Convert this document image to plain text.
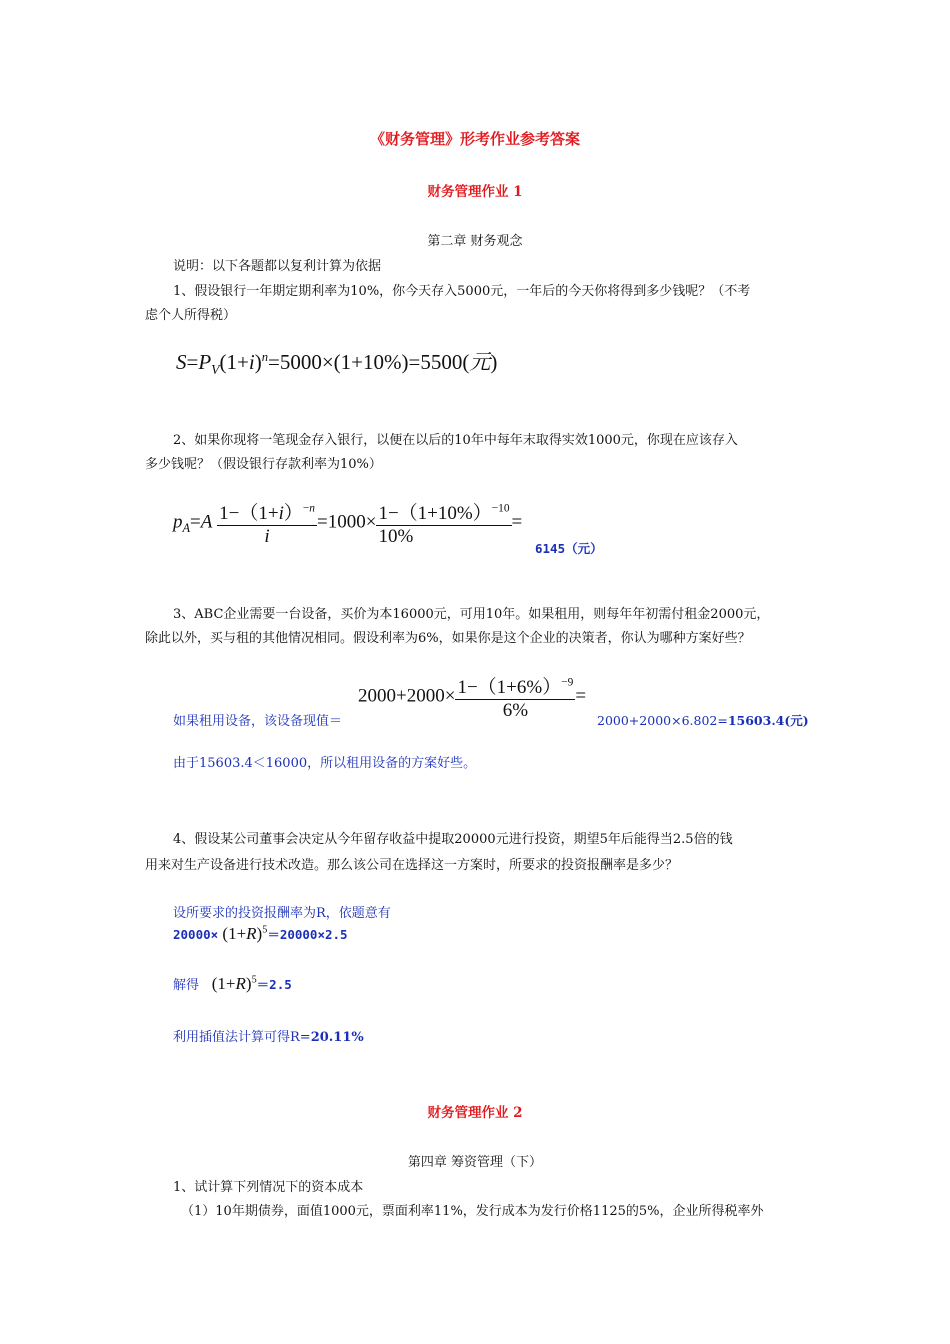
《财务管理》形考作业参考答案
财务管理作业 1
第二章 财务观念
说明：以下各题都以复利计算为依据
1、假设银行一年期定期利率为10%，你今天存入5000元，一年后的今天你将得到多少钱呢？（不考
虑个人所得税）
$S=P_V(1+i)^n=5000\times(1+10\%)=5500$(元)
2、如果你现将一笔现金存入银行，以便在以后的10年中每年末取得实效1000元，你现在应该存入
多少钱呢？（假设银行存款利率为10%）
$p_A=A \frac{1-(1+i)^{-n}}{i} =1000\times \frac{1-(1+10\%)^{-10}}{10\%}$ =
6145（元）
3、ABC企业需要一台设备，买价为本16000元，可用10年。如果租用，则每年年初需付租金2000元，
除此以外，买与租的其他情况相同。假设利率为6%，如果你是这个企业的决策者，你认为哪种方案好些？
$2000+2000\times \frac{1-(1+6\%)^{-9}}{6\%}$ =
如果租用设备，该设备现值＝	2000+2000×6.802=15603.4(元)
由于15603.4＜16000，所以租用设备的方案好些。
4、假设某公司董事会决定从今年留存收益中提取20000元进行投资，期望5年后能得当2.5倍的钱
用来对生产设备进行技术改造。那么该公司在选择这一方案时，所要求的投资报酬率是多少？
设所要求的投资报酬率为R，依题意有
$20000\times (1+R)^5=20000\times 2.5$
解得   $(1+R)^5=2.5$
利用插值法计算可得R=20.11%
财务管理作业 2
第四章 筹资管理（下）
1、试计算下列情况下的资本成本
（1）10年期债券，面值1000元，票面利率11%，发行成本为发行价格1125的5%，企业所得税率外
